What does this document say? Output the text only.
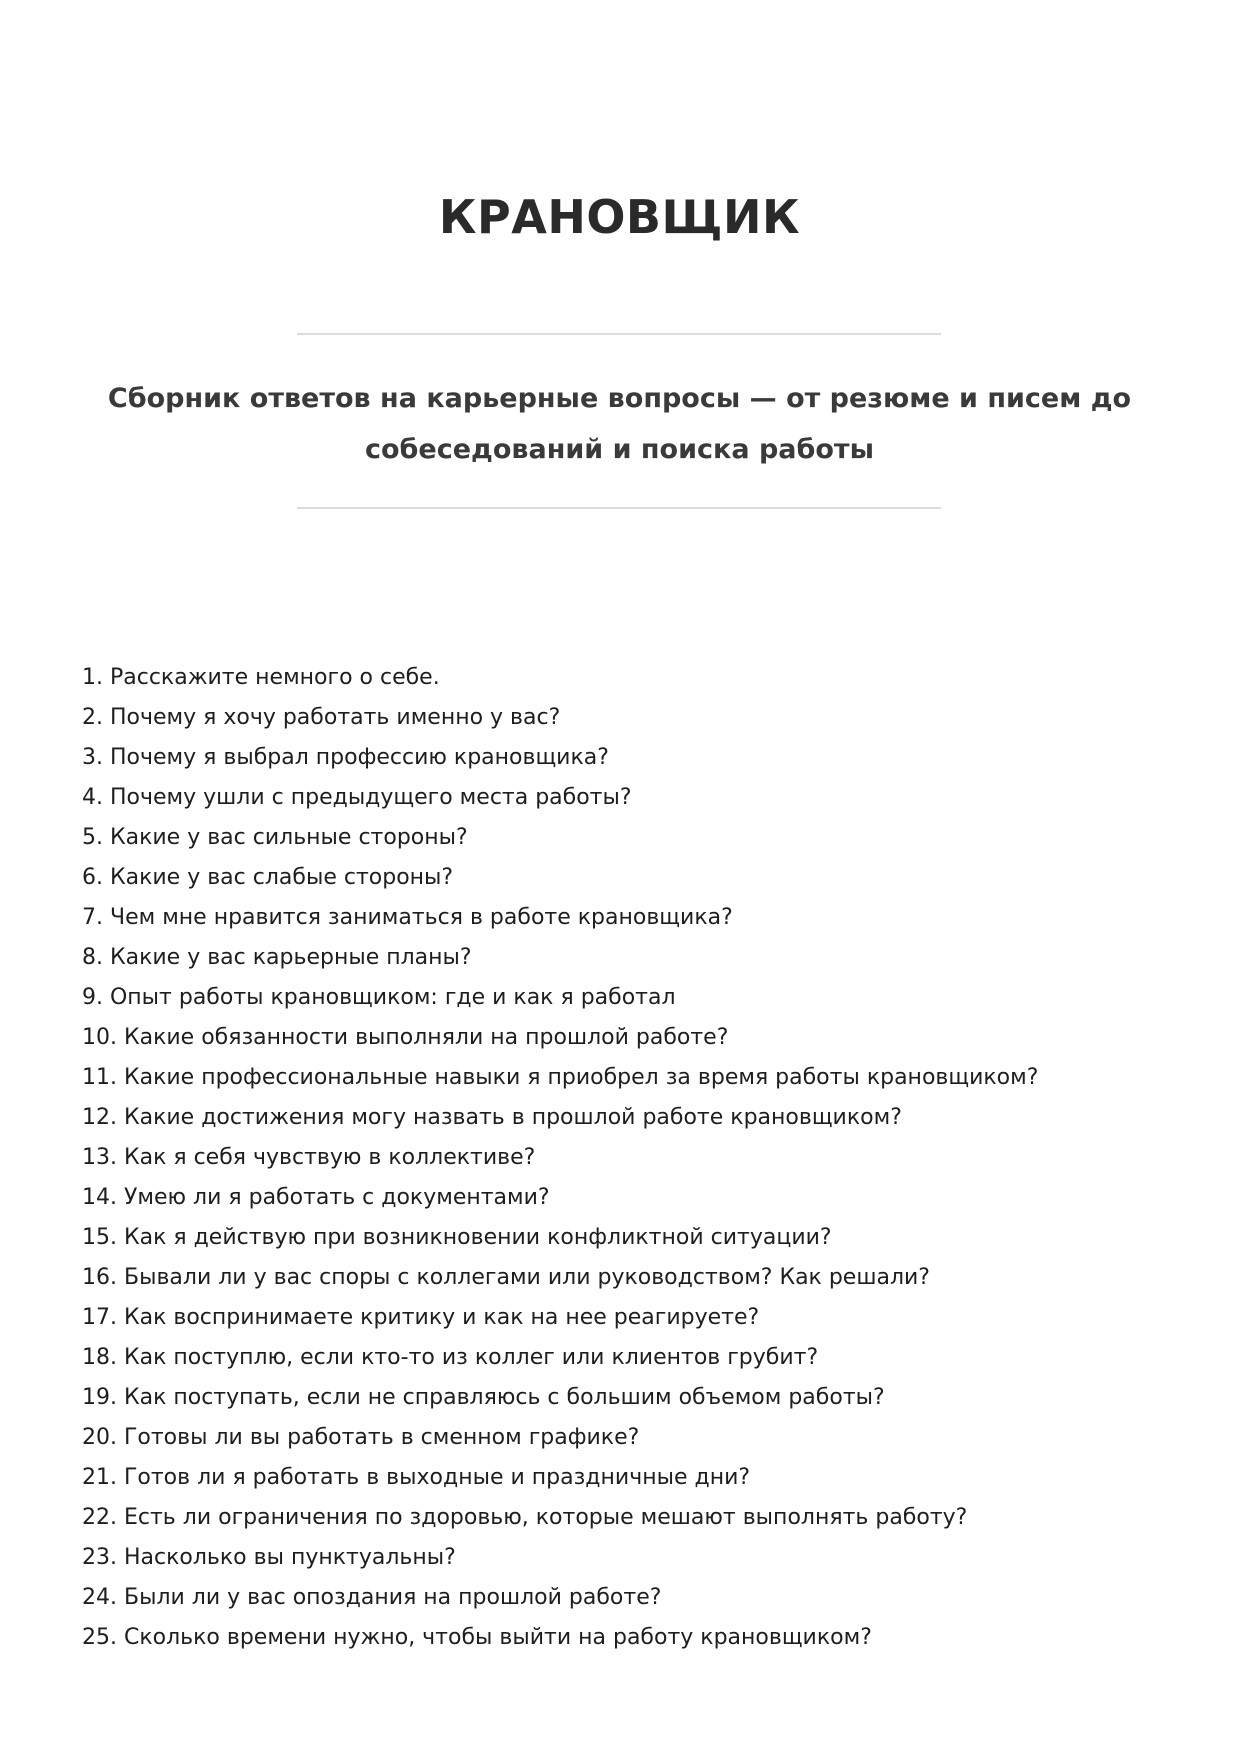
КРАНОВЩИК

Сборник ответов на карьерные вопросы — от резюме и писем до собеседований и поиска работы

1. Расскажите немного о себе.
2. Почему я хочу работать именно у вас?
3. Почему я выбрал профессию крановщика?
4. Почему ушли с предыдущего места работы?
5. Какие у вас сильные стороны?
6. Какие у вас слабые стороны?
7. Чем мне нравится заниматься в работе крановщика?
8. Какие у вас карьерные планы?
9. Опыт работы крановщиком: где и как я работал
10. Какие обязанности выполняли на прошлой работе?
11. Какие профессиональные навыки я приобрел за время работы крановщиком?
12. Какие достижения могу назвать в прошлой работе крановщиком?
13. Как я себя чувствую в коллективе?
14. Умею ли я работать с документами?
15. Как я действую при возникновении конфликтной ситуации?
16. Бывали ли у вас споры с коллегами или руководством? Как решали?
17. Как воспринимаете критику и как на нее реагируете?
18. Как поступлю, если кто-то из коллег или клиентов грубит?
19. Как поступать, если не справляюсь с большим объемом работы?
20. Готовы ли вы работать в сменном графике?
21. Готов ли я работать в выходные и праздничные дни?
22. Есть ли ограничения по здоровью, которые мешают выполнять работу?
23. Насколько вы пунктуальны?
24. Были ли у вас опоздания на прошлой работе?
25. Сколько времени нужно, чтобы выйти на работу крановщиком?
